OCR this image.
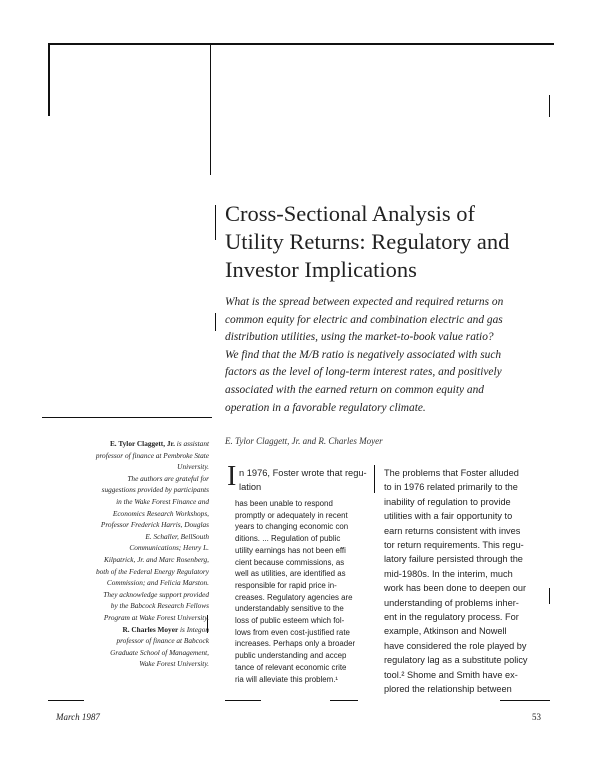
Cross-Sectional Analysis of
Utility Returns: Regulatory and
Investor Implications
What is the spread between expected and required returns on
common equity for electric and combination electric and gas
distribution utilities, using the market-to-book value ratio?
We find that the M/B ratio is negatively associated with such
factors as the level of long-term interest rates, and positively
associated with the earned return on common equity and
operation in a favorable regulatory climate.
E. Tylor Claggett, Jr. and R. Charles Moyer
E. Tylor Claggett, Jr. is assistant
professor of finance at Pembroke State
University.
The authors are grateful for
suggestions provided by participants
in the Wake Forest Finance and
Economics Research Workshops,
Professor Frederick Harris, Douglas
E. Schaller, BellSouth
Communications; Henry L.
Kilpatrick, Jr. and Marc Rosenberg,
both of the Federal Energy Regulatory
Commission; and Felicia Marston.
They acknowledge support provided
by the Babcock Research Fellows
Program at Wake Forest University.
R. Charles Moyer is Integon
professor of finance at Babcock
Graduate School of Management,
Wake Forest University.
I n 1976, Foster wrote that regu-
lation
has been unable to respond
promptly or adequately in recent
years to changing economic con
ditions. ... Regulation of public
utility earnings has not been effi
cient because commissions, as
well as utilities, are identified as
responsible for rapid price in-
creases. Regulatory agencies are
understandably sensitive to the
loss of public esteem which fol-
lows from even cost-justified rate
increases. Perhaps only a broader
public understanding and accep
tance of relevant economic crite
ria will alleviate this problem.¹
The problems that Foster alluded
to in 1976 related primarily to the
inability of regulation to provide
utilities with a fair opportunity to
earn returns consistent with inves
tor return requirements. This regu-
latory failure persisted through the
mid-1980s. In the interim, much
work has been done to deepen our
understanding of problems inher-
ent in the regulatory process. For
example, Atkinson and Nowell
have considered the role played by
regulatory lag as a substitute policy
tool.² Shome and Smith have ex-
plored the relationship between
March 1987	53
